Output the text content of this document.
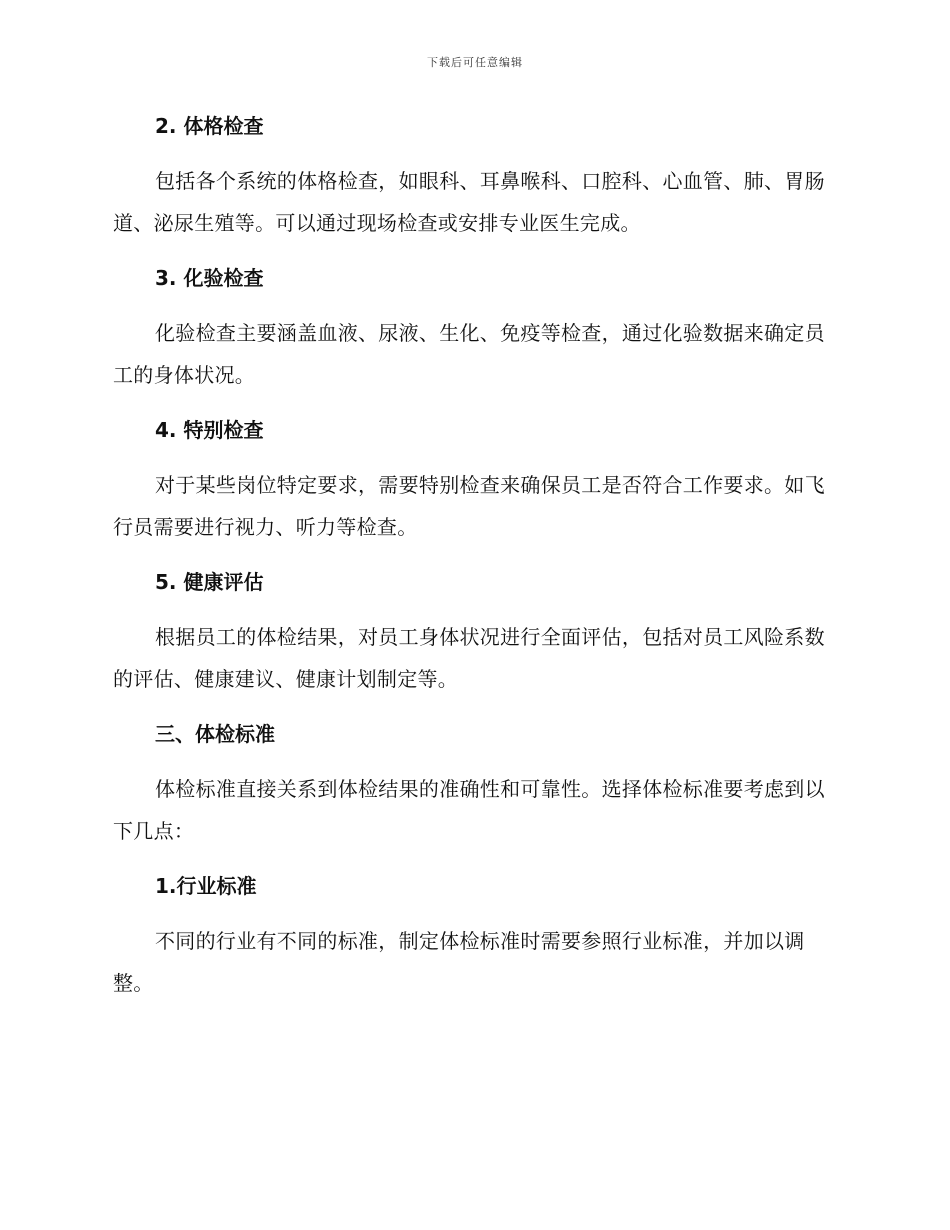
下载后可任意编辑
2. 体格检查
包括各个系统的体格检查，如眼科、耳鼻喉科、口腔科、心血管、肺、胃肠道、泌尿生殖等。可以通过现场检查或安排专业医生完成。
3. 化验检查
化验检查主要涵盖血液、尿液、生化、免疫等检查，通过化验数据来确定员工的身体状况。
4. 特别检查
对于某些岗位特定要求，需要特别检查来确保员工是否符合工作要求。如飞行员需要进行视力、听力等检查。
5. 健康评估
根据员工的体检结果，对员工身体状况进行全面评估，包括对员工风险系数的评估、健康建议、健康计划制定等。
三、体检标准
体检标准直接关系到体检结果的准确性和可靠性。选择体检标准要考虑到以下几点：
1.行业标准
不同的行业有不同的标准，制定体检标准时需要参照行业标准，并加以调整。
